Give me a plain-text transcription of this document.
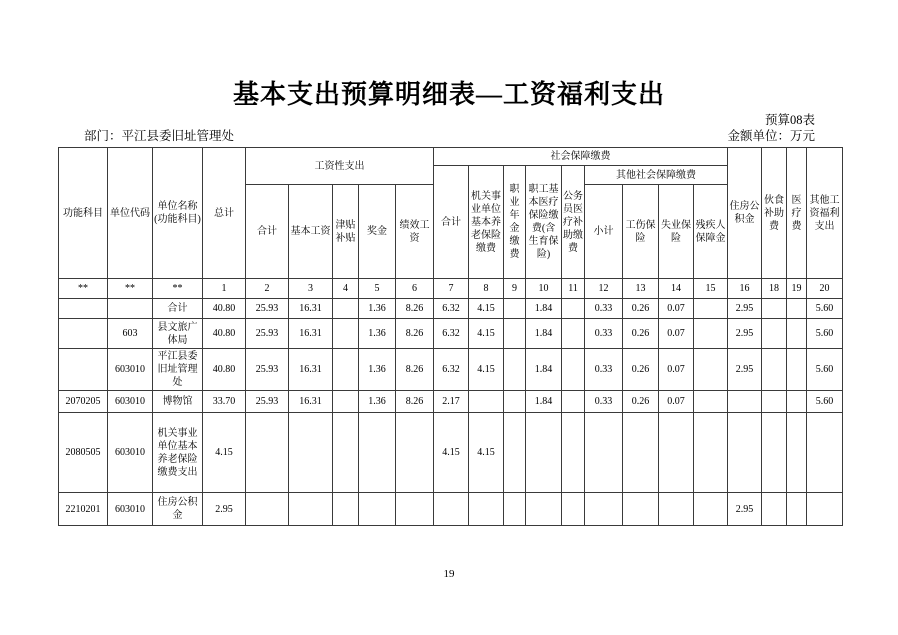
基本支出预算明细表—工资福利支出
预算08表
部门：平江县委旧址管理处	金额单位：万元
功能科目	单位代码	单位名称(功能科目)	总计	工资性支出					社会保障缴费									住房公积金	伙食补助费	医疗费	其他工资福利支出
									合计	机关事业单位基本养老保险缴费	职业年金缴费	职工基本医疗保险缴费(含生育保险)	公务员医疗补助缴费	其他社会保障缴费							
				合计	基本工资	津贴补贴	奖金	绩效工资						小计	工伤保险	失业保险	残疾人保障金				
**	**	**	1	2	3	4	5	6	7	8	9	10	11	12	13	14	15	16	18	19	20
		合计	40.80	25.93	16.31		1.36	8.26	6.32	4.15		1.84		0.33	0.26	0.07		2.95			5.60
	603	县文旅广体局	40.80	25.93	16.31		1.36	8.26	6.32	4.15		1.84		0.33	0.26	0.07		2.95			5.60
	603010	平江县委旧址管理处	40.80	25.93	16.31		1.36	8.26	6.32	4.15		1.84		0.33	0.26	0.07		2.95			5.60
2070205	603010	博物馆	33.70	25.93	16.31		1.36	8.26	2.17			1.84		0.33	0.26	0.07					5.60
2080505	603010	机关事业单位基本养老保险缴费支出	4.15						4.15	4.15											
2210201	603010	住房公积金	2.95															2.95			
19
